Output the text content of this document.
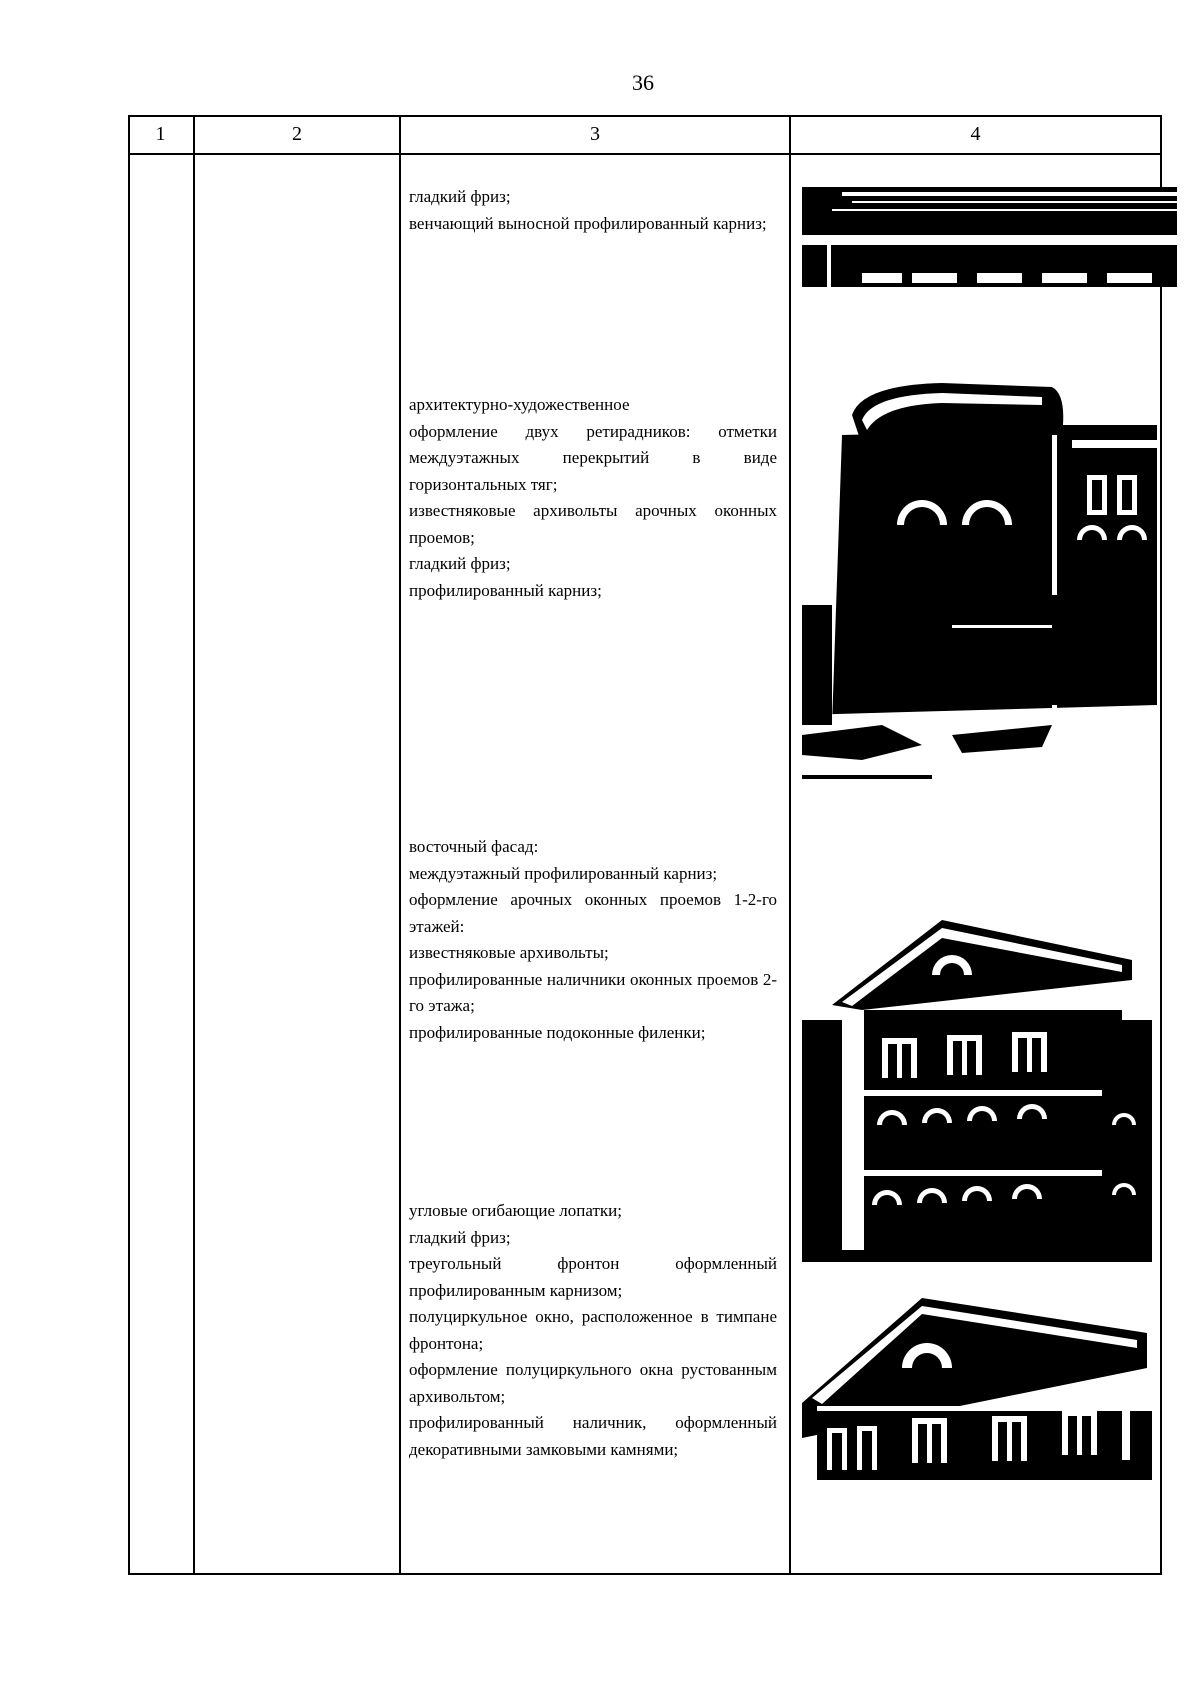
36
1	2	3	4
гладкий фриз;
венчающий выносной профилированный карниз;
архитектурно-художественное
оформление двух ретирадников: отметки междуэтажных перекрытий в виде горизонтальных тяг;
известняковые архивольты арочных оконных проемов;
гладкий фриз;
профилированный карниз;
восточный фасад:
междуэтажный профилированный карниз;
оформление арочных оконных проемов 1-2-го этажей:
известняковые архивольты;
профилированные наличники оконных проемов 2-го этажа;
профилированные подоконные филенки;
угловые огибающие лопатки;
гладкий фриз;
треугольный фронтон оформленный профилированным карнизом;
полуциркульное окно, расположенное в тимпане фронтона;
оформление полуциркульного окна рустованным архивольтом;
профилированный наличник, оформленный декоративными замковыми камнями;
